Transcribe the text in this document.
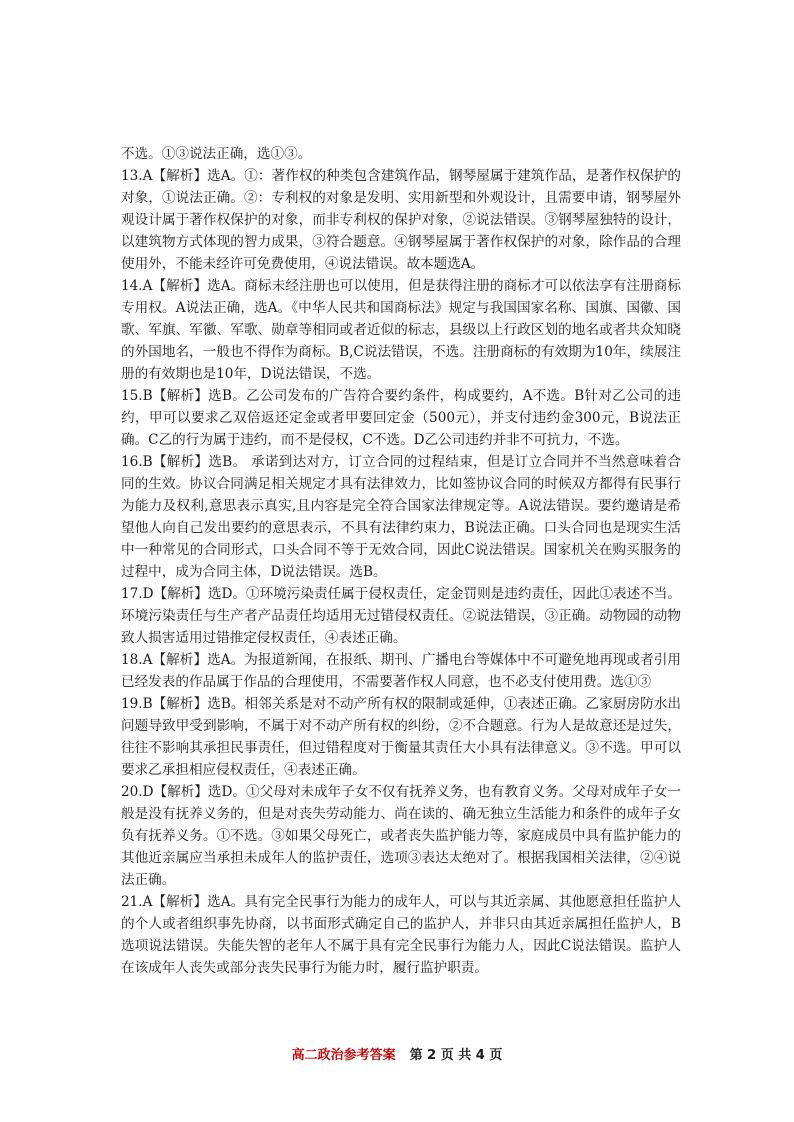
不选。①③说法正确，选①③。

13.A【解析】选A。①：著作权的种类包含建筑作品，钢琴屋属于建筑作品，是著作权保护的对象，①说法正确。②：专利权的对象是发明、实用新型和外观设计，且需要申请，钢琴屋外观设计属于著作权保护的对象，而非专利权的保护对象，②说法错误。③钢琴屋独特的设计，以建筑物方式体现的智力成果，③符合题意。④钢琴屋属于著作权保护的对象，除作品的合理使用外，不能未经许可免费使用，④说法错误。故本题选A。

14.A【解析】选A。商标未经注册也可以使用，但是获得注册的商标才可以依法享有注册商标专用权。A说法正确，选A。《中华人民共和国商标法》规定与我国国家名称、国旗、国徽、国歌、军旗、军徽、军歌、勋章等相同或者近似的标志，县级以上行政区划的地名或者共众知晓的外国地名，一般也不得作为商标。B,C说法错误，不选。注册商标的有效期为10年，续展注册的有效期也是10年，D说法错误，不选。

15.B【解析】选B。乙公司发布的广告符合要约条件，构成要约，A不选。B针对乙公司的违约，甲可以要求乙双倍返还定金或者甲要回定金（500元），并支付违约金300元，B说法正确。C乙的行为属于违约，而不是侵权，C不选。D乙公司违约并非不可抗力，不选。

16.B【解析】选B。 承诺到达对方，订立合同的过程结束，但是订立合同并不当然意味着合同的生效。协议合同满足相关规定才具有法律效力，比如签协议合同的时候双方都得有民事行为能力及权利,意思表示真实,且内容是完全符合国家法律规定等。A说法错误。要约邀请是希望他人向自己发出要约的意思表示，不具有法律约束力，B说法正确。口头合同也是现实生活中一种常见的合同形式，口头合同不等于无效合同，因此C说法错误。国家机关在购买服务的过程中，成为合同主体，D说法错误。选B。

17.D【解析】选D。①环境污染责任属于侵权责任，定金罚则是违约责任，因此①表述不当。环境污染责任与生产者产品责任均适用无过错侵权责任。②说法错误，③正确。动物园的动物致人损害适用过错推定侵权责任，④表述正确。

18.A【解析】选A。为报道新闻，在报纸、期刊、广播电台等媒体中不可避免地再现或者引用已经发表的作品属于作品的合理使用，不需要著作权人同意，也不必支付使用费。选①③

19.B【解析】选B。相邻关系是对不动产所有权的限制或延伸，①表述正确。乙家厨房防水出问题导致甲受到影响，不属于对不动产所有权的纠纷，②不合题意。行为人是故意还是过失，往往不影响其承担民事责任，但过错程度对于衡量其责任大小具有法律意义。③不选。甲可以要求乙承担相应侵权责任，④表述正确。

20.D【解析】选D。①父母对未成年子女不仅有抚养义务，也有教育义务。父母对成年子女一般是没有抚养义务的，但是对丧失劳动能力、尚在读的、确无独立生活能力和条件的成年子女负有抚养义务。①不选。③如果父母死亡，或者丧失监护能力等，家庭成员中具有监护能力的其他近亲属应当承担未成年人的监护责任，选项③表达太绝对了。根据我国相关法律，②④说法正确。

21.A【解析】选A。具有完全民事行为能力的成年人，可以与其近亲属、其他愿意担任监护人的个人或者组织事先协商，以书面形式确定自己的监护人，并非只由其近亲属担任监护人，B选项说法错误。失能失智的老年人不属于具有完全民事行为能力人，因此C说法错误。监护人在该成年人丧失或部分丧失民事行为能力时，履行监护职责。

高二政治参考答案 第 2 页 共 4 页
